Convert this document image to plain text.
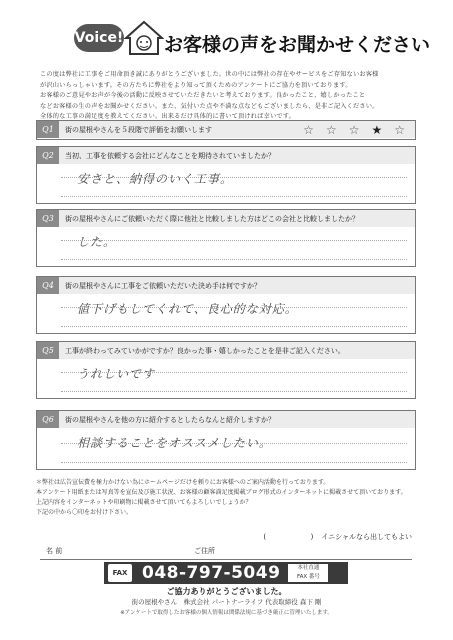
Voice! お客様の声をお聞かせください
この度は弊社に工事をご用命頂き誠にありがとうございました。世の中には弊社の存在やサービスをご存知ないお客様
が沢山いらっしゃいます。その方たちに弊社をより知って頂くためのアンケートにご協力を頂いております。
お客様のご意見やお声が今後の活動に反映させていただきたいと考えております。良かったこと、嬉しかったこと
などお客様の生の声をお聞かせください。また、気付いた点や不満な点などもございましたら、是非ご記入ください。
全体的な工事の満足度を教えてください。出来るだけ具体的に書いて頂ければ幸いです。
Q1	街の屋根やさんを５段階で評価をお願いします	☆ ☆ ☆ ★ ☆
Q2	当初、工事を依頼する会社にどんなことを期待されていましたか？
安さと、納得のいく工事。
Q3	街の屋根やさんにご依頼いただく際に他社と比較しました方はどこの会社と比較しましたか？
した。
Q4	街の屋根やさんに工事をご依頼いただいた決め手は何ですか？
値下げもしてくれて、良心的な対応。
Q5	工事が終わってみていかがですか？良かった事・嬉しかったことを是非ご記入ください。
うれしいです
Q6	街の屋根やさんを他の方に紹介するとしたらなんと紹介しますか？
相談することをオススメしたい。
＊弊社は広告宣伝費を極力かけない為にホームページだけを頼りにお客様へのご案内活動を行っております。
本アンケート用紙または写真等を宣伝及び施工状況、お客様の顧客満足度掲載ブログ形式のインターネットに掲載させて頂いております。
上記内容をインターネットや印刷物に掲載させて頂いてもよろしいでしょうか？
下記の中から〇印をお付け下さい。
(	) イニシャルなら出してもよい
名 前	ご住所
FAX 048-797-5049	本社直通
FAX 番号
ご協力ありがとうございました。
街の屋根やさん　株式会社 パートナーライフ 代表取締役 森下 剛
※アンケートで取得したお客様の個人情報は関係法規に基づき厳正に管理いたします。
